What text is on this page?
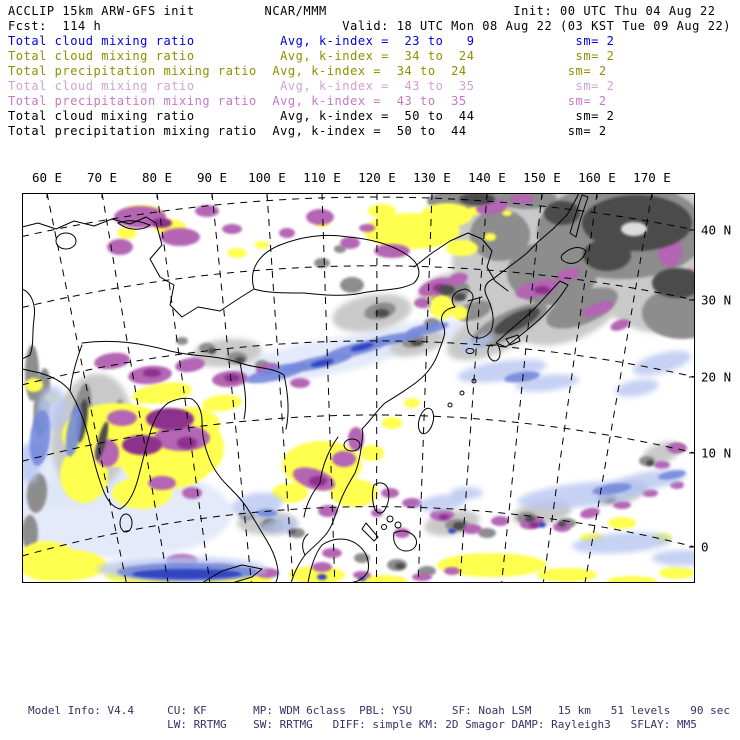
ACCLIP 15km ARW-GFS init         NCAR/MMM                        Init: 00 UTC Thu 04 Aug 22
Fcst:  114 h                               Valid: 18 UTC Mon 08 Aug 22 (03 KST Tue 09 Aug 22)
Total cloud mixing ratio           Avg, k-index =  23 to   9             sm= 2
Total cloud mixing ratio           Avg, k-index =  34 to  24             sm= 2
Total precipitation mixing ratio  Avg, k-index =  34 to  24             sm= 2
Total cloud mixing ratio           Avg, k-index =  43 to  35             sm= 2
Total precipitation mixing ratio  Avg, k-index =  43 to  35             sm= 2
Total cloud mixing ratio           Avg, k-index =  50 to  44             sm= 2
Total precipitation mixing ratio  Avg, k-index =  50 to  44             sm= 2
60 E 70 E 80 E 90 E 100 E 110 E 120 E 130 E 140 E 150 E 160 E 170 E
40 N
30 N
20 N
10 N
0
Model Info: V4.4     CU: KF       MP: WDM 6class  PBL: YSU      SF: Noah LSM    15 km   51 levels   90 sec
LW: RRTMG    SW: RRTMG   DIFF: simple KM: 2D Smagor DAMP: Rayleigh3   SFLAY: MM5
